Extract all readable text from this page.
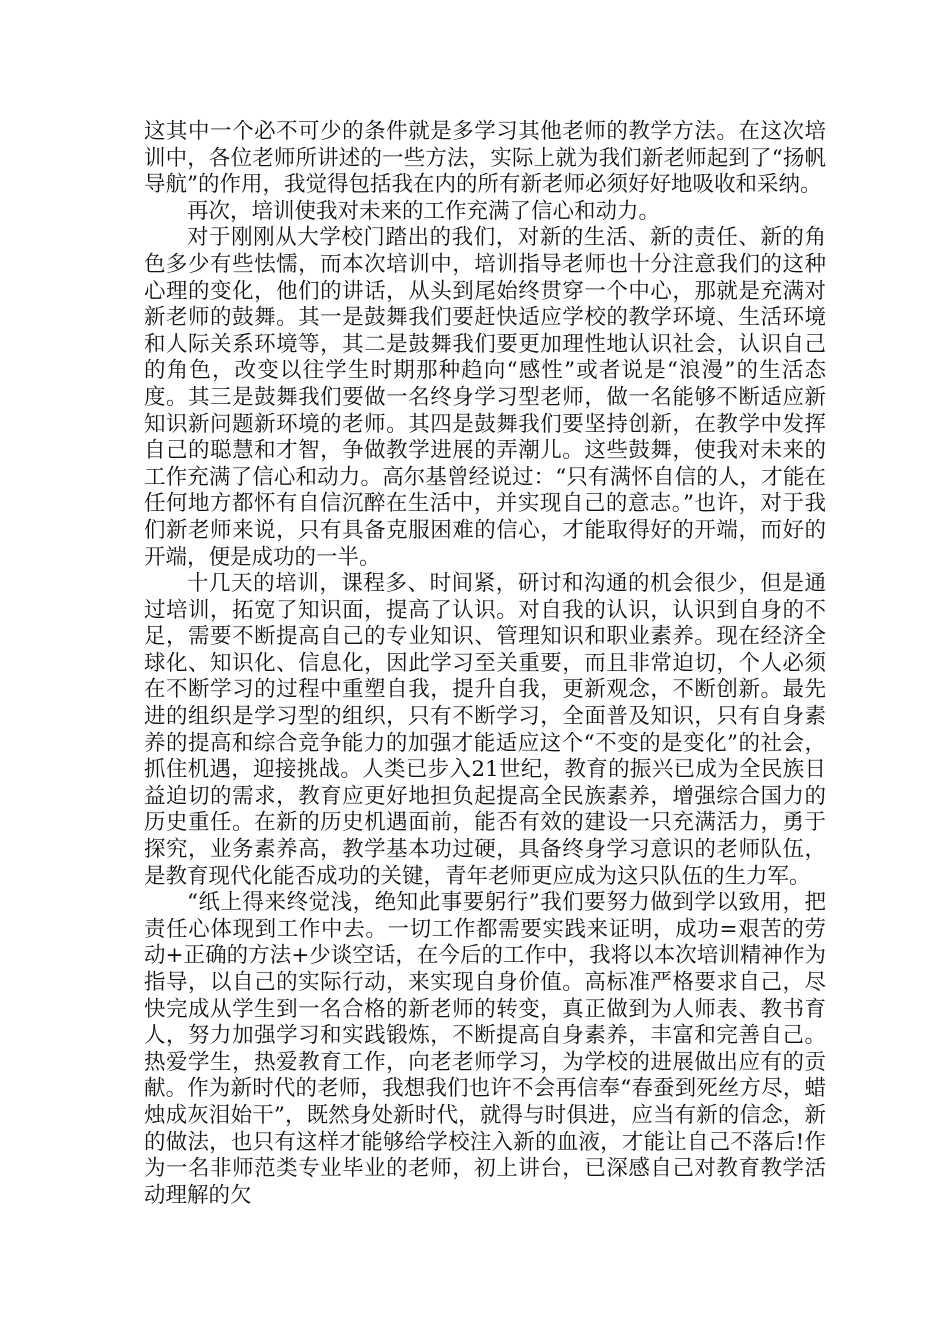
这其中一个必不可少的条件就是多学习其他老师的教学方法。在这次培训中，各位老师所讲述的一些方法，实际上就为我们新老师起到了“扬帆导航”的作用，我觉得包括我在内的所有新老师必须好好地吸收和采纳。

再次，培训使我对未来的工作充满了信心和动力。

对于刚刚从大学校门踏出的我们，对新的生活、新的责任、新的角色多少有些怯懦，而本次培训中，培训指导老师也十分注意我们的这种心理的变化，他们的讲话，从头到尾始终贯穿一个中心，那就是充满对新老师的鼓舞。其一是鼓舞我们要赶快适应学校的教学环境、生活环境和人际关系环境等，其二是鼓舞我们要更加理性地认识社会，认识自己的角色，改变以往学生时期那种趋向“感性”或者说是“浪漫”的生活态度。其三是鼓舞我们要做一名终身学习型老师，做一名能够不断适应新知识新问题新环境的老师。其四是鼓舞我们要坚持创新，在教学中发挥自己的聪慧和才智，争做教学进展的弄潮儿。这些鼓舞，使我对未来的工作充满了信心和动力。高尔基曾经说过：“只有满怀自信的人，才能在任何地方都怀有自信沉醉在生活中，并实现自己的意志。”也许，对于我们新老师来说，只有具备克服困难的信心，才能取得好的开端，而好的开端，便是成功的一半。

十几天的培训，课程多、时间紧，研讨和沟通的机会很少，但是通过培训，拓宽了知识面，提高了认识。对自我的认识，认识到自身的不足，需要不断提高自己的专业知识、管理知识和职业素养。现在经济全球化、知识化、信息化，因此学习至关重要，而且非常迫切，个人必须在不断学习的过程中重塑自我，提升自我，更新观念，不断创新。最先进的组织是学习型的组织，只有不断学习，全面普及知识，只有自身素养的提高和综合竞争能力的加强才能适应这个“不变的是变化”的社会，抓住机遇，迎接挑战。人类已步入21世纪，教育的振兴已成为全民族日益迫切的需求，教育应更好地担负起提高全民族素养，增强综合国力的历史重任。在新的历史机遇面前，能否有效的建设一只充满活力，勇于探究，业务素养高，教学基本功过硬，具备终身学习意识的老师队伍，是教育现代化能否成功的关键，青年老师更应成为这只队伍的生力军。

“纸上得来终觉浅，绝知此事要躬行”我们要努力做到学以致用，把责任心体现到工作中去。一切工作都需要实践来证明，成功=艰苦的劳动+正确的方法+少谈空话，在今后的工作中，我将以本次培训精神作为指导，以自己的实际行动，来实现自身价值。高标准严格要求自己，尽快完成从学生到一名合格的新老师的转变，真正做到为人师表、教书育人，努力加强学习和实践锻炼，不断提高自身素养，丰富和完善自己。热爱学生，热爱教育工作，向老老师学习，为学校的进展做出应有的贡献。作为新时代的老师，我想我们也许不会再信奉“春蚕到死丝方尽，蜡烛成灰泪始干”，既然身处新时代，就得与时俱进，应当有新的信念，新的做法，也只有这样才能够给学校注入新的血液，才能让自己不落后!作为一名非师范类专业毕业的老师，初上讲台，已深感自己对教育教学活动理解的欠
